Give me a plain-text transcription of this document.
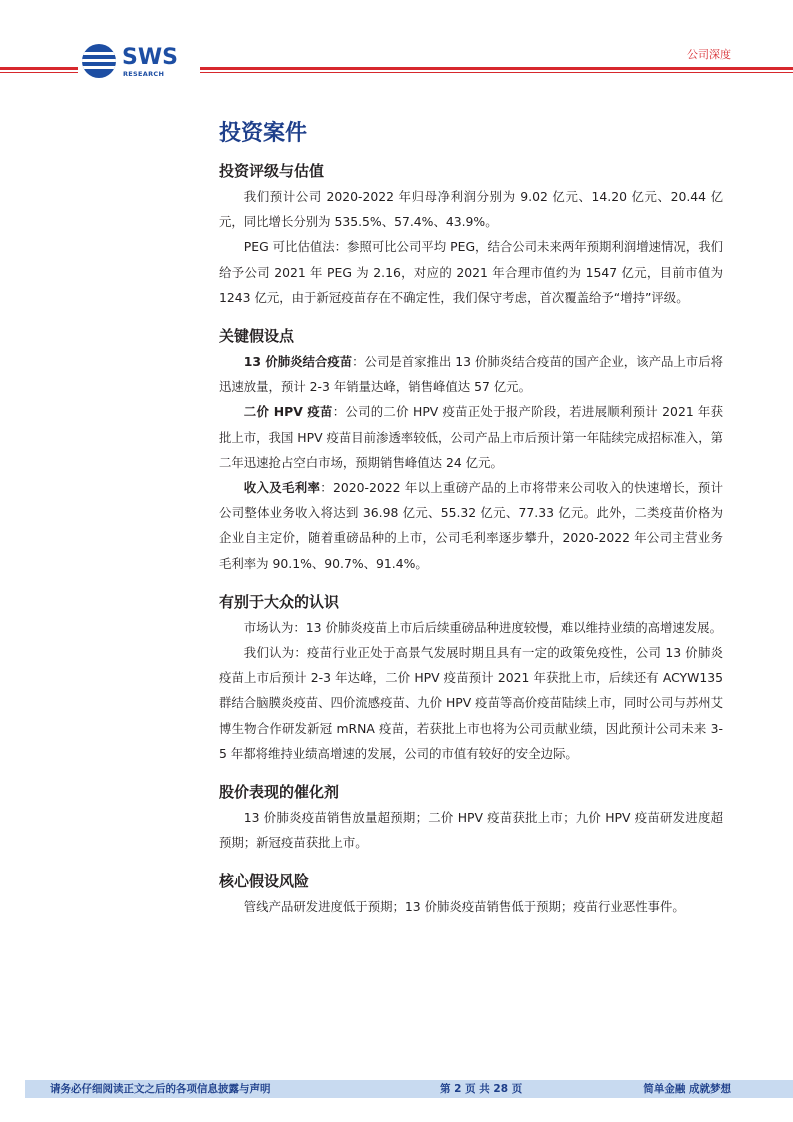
SWS
RESEARCH
公司深度
投资案件
投资评级与估值

我们预计公司 2020-2022 年归母净利润分别为 9.02 亿元、14.20 亿元、20.44 亿元，同比增长分别为 535.5%、57.4%、43.9%。

PEG 可比估值法：参照可比公司平均 PEG，结合公司未来两年预期利润增速情况，我们给予公司 2021 年 PEG 为 2.16，对应的 2021 年合理市值约为 1547 亿元，目前市值为 1243 亿元，由于新冠疫苗存在不确定性，我们保守考虑，首次覆盖给予“增持”评级。

关键假设点

13 价肺炎结合疫苗：公司是首家推出 13 价肺炎结合疫苗的国产企业，该产品上市后将迅速放量，预计 2-3 年销量达峰，销售峰值达 57 亿元。

二价 HPV 疫苗：公司的二价 HPV 疫苗正处于报产阶段，若进展顺利预计 2021 年获批上市，我国 HPV 疫苗目前渗透率较低，公司产品上市后预计第一年陆续完成招标准入，第二年迅速抢占空白市场，预期销售峰值达 24 亿元。

收入及毛利率：2020-2022 年以上重磅产品的上市将带来公司收入的快速增长，预计公司整体业务收入将达到 36.98 亿元、55.32 亿元、77.33 亿元。此外，二类疫苗价格为企业自主定价，随着重磅品种的上市，公司毛利率逐步攀升，2020-2022 年公司主营业务毛利率为 90.1%、90.7%、91.4%。

有别于大众的认识

市场认为：13 价肺炎疫苗上市后后续重磅品种进度较慢，难以维持业绩的高增速发展。

我们认为：疫苗行业正处于高景气发展时期且具有一定的政策免疫性，公司 13 价肺炎疫苗上市后预计 2-3 年达峰，二价 HPV 疫苗预计 2021 年获批上市，后续还有 ACYW135 群结合脑膜炎疫苗、四价流感疫苗、九价 HPV 疫苗等高价疫苗陆续上市，同时公司与苏州艾博生物合作研发新冠 mRNA 疫苗，若获批上市也将为公司贡献业绩，因此预计公司未来 3-5 年都将维持业绩高增速的发展，公司的市值有较好的安全边际。

股价表现的催化剂

13 价肺炎疫苗销售放量超预期；二价 HPV 疫苗获批上市；九价 HPV 疫苗研发进度超预期；新冠疫苗获批上市。

核心假设风险

管线产品研发进度低于预期；13 价肺炎疫苗销售低于预期；疫苗行业恶性事件。

请务必仔细阅读正文之后的各项信息披露与声明	第 2 页 共 28 页	简单金融 成就梦想
